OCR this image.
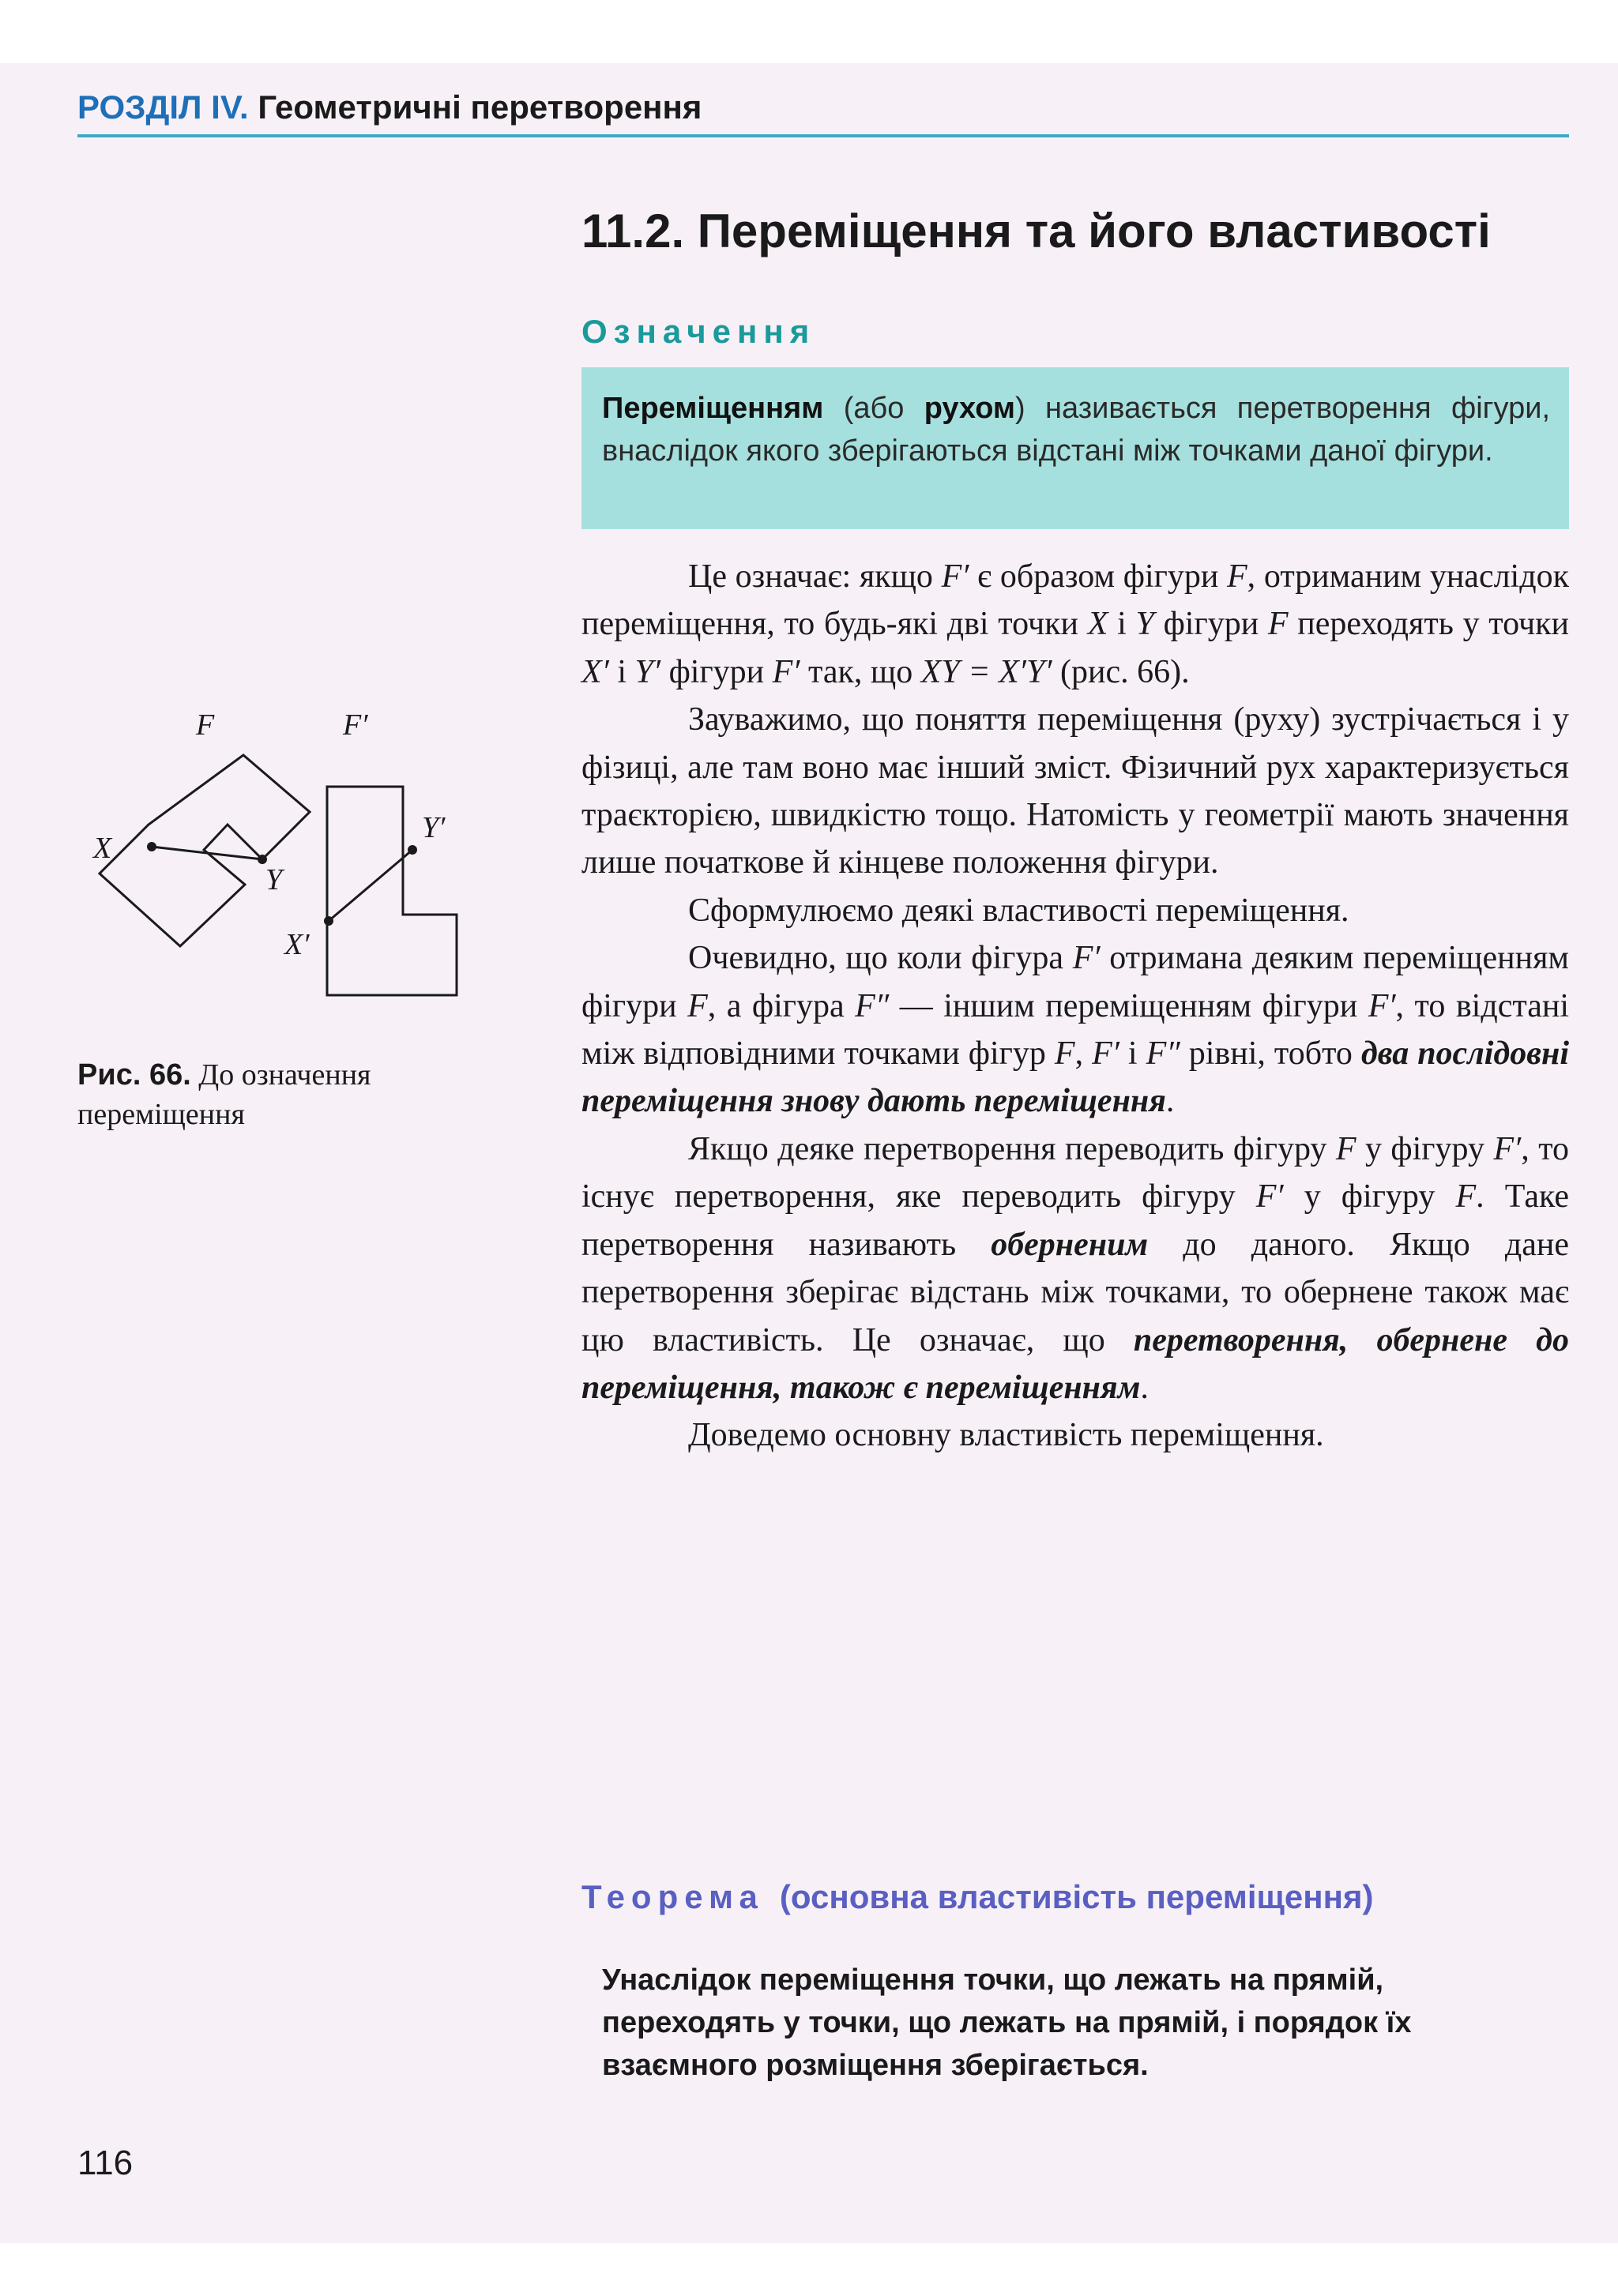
РОЗДІЛ IV. Геометричні перетворення
11.2. Переміщення та його властивості
Означення
Переміщенням (або рухом) називається перетворення фігури, внаслідок якого зберігаються відстані між точками даної фігури.

Це означає: якщо F′ є образом фігури F, отриманим унаслідок переміщення, то будь-які дві точки X і Y фігури F переходять у точки X′ і Y′ фігури F′ так, що XY = X′Y′ (рис. 66).

Зауважимо, що поняття переміщення (руху) зустрічається і у фізиці, але там воно має інший зміст. Фізичний рух характеризується траєкторією, швидкістю тощо. Натомість у геометрії мають значення лише початкове й кінцеве положення фігури.

Сформулюємо деякі властивості переміщення.

Очевидно, що коли фігура F′ отримана деяким переміщенням фігури F, а фігура F″ — іншим переміщенням фігури F′, то відстані між відповідними точками фігур F, F′ і F″ рівні, тобто два послідовні переміщення знову дають переміщення.

Якщо деяке перетворення переводить фігуру F у фігуру F′, то існує перетворення, яке переводить фігуру F′ у фігуру F. Таке перетворення називають оберненим до даного. Якщо дане перетворення зберігає відстань між точками, то обернене також має цю властивість. Це означає, що перетворення, обернене до переміщення, також є переміщенням.

Доведемо основну властивість переміщення.

Теорема (основна властивість переміщення)
Унаслідок переміщення точки, що лежать на прямій, переходять у точки, що лежать на прямій, і порядок їх взаємного розміщення зберігається.
F	F′
X
Y
X′
Y′
Рис. 66. До означення переміщення
116
